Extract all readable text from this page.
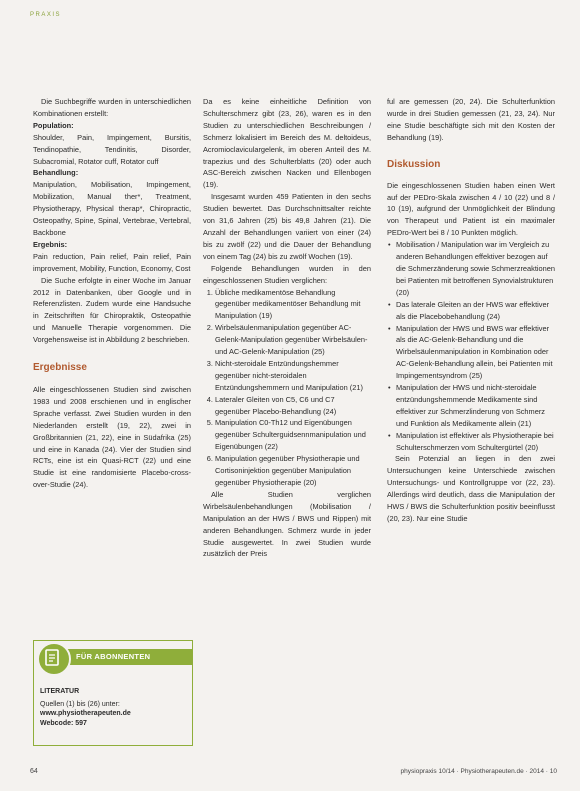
PRAXIS

Die Suchbegriffe wurden in unterschiedlichen Kombinationen erstellt:

Population:

Shoulder, Pain, Impingement, Bursitis, Tendinopathie, Tendinitis, Disorder, Subacromial, Rotator cuff, Rotator cuff

Behandlung:

Manipulation, Mobilisation, Impingement, Mobilization, Manual ther*, Treatment, Physiotherapy, Physical therap*, Chiropractic, Osteopathy, Spine, Spinal, Vertebrae, Vertebral, Backbone

Ergebnis:

Pain reduction, Pain relief, Pain relief, Pain improvement, Mobility, Function, Economy, Cost

Die Suche erfolgte in einer Woche im Januar 2012 in Datenbanken, über Google und in Referenzlisten. Zudem wurde eine Handsuche in Zeitschriften für Chiropraktik, Osteopathie und Manuelle Therapie vorgenommen. Die Vorgehensweise ist in Abbildung 2 beschrieben.

Ergebnisse

Alle eingeschlossenen Studien sind zwischen 1983 und 2008 erschienen und in englischer Sprache verfasst. Zwei Studien wurden in den Niederlanden erstellt (19, 22), zwei in Großbritannien (21, 22), eine in Südafrika (25) und eine in Kanada (24). Vier der Studien sind RCTs, eine ist ein Quasi-RCT (22) und eine Studie ist eine randomisierte Placebo-cross-over-Studie (24).

FÜR ABONNENTEN
LITERATUR
Quellen (1) bis (26) unter:
www.physiotherapeuten.de
Webcode: 597

Da es keine einheitliche Definition von Schulterschmerz gibt (23, 26), waren es in den Studien zu unterschiedlichen Beschreibungen / Schmerz lokalisiert im Bereich des M. deltoideus, Acromioclaviculargelenk, im oberen Anteil des M. trapezius und des Schulterblatts (20) oder auch ASC-Bereich zwischen Nacken und Ellenbogen (19).

Insgesamt wurden 459 Patienten in den sechs Studien bewertet. Das Durchschnittsalter reichte von 31,6 Jahren (25) bis 49,8 Jahren (21). Die Anzahl der Behandlungen variiert von einer (24) bis zu zwölf (22) und die Dauer der Behandlung von einem Tag (24) bis zu zwölf Wochen (19).

Folgende Behandlungen wurden in den eingeschlossenen Studien verglichen:

1. Übliche medikamentöse Behandlung gegenüber medikamentöser Behandlung mit Manipulation (19)
2. Wirbelsäulenmanipulation gegenüber AC-Gelenk-Manipulation gegenüber Wirbelsäulen- und AC-Gelenk-Manipulation (25)
3. Nicht-steroidale Entzündungshemmer gegenüber nicht-steroidalen Entzündungshemmern und Manipulation (21)
4. Lateraler Gleiten von C5, C6 und C7 gegenüber Placebo-Behandlung (24)
5. Manipulation C0-Th12 und Eigenübungen gegenüber Schulterguidsennmanipulation und Eigenübungen (22)
6. Manipulation gegenüber Physiotherapie und Cortisoninjektion gegenüber Manipulation gegenüber Physiotherapie (20)

Alle Studien verglichen Wirbelsäulenbehandlungen (Mobilisation / Manipulation an der HWS / BWS und Rippen) mit anderen Behandlungen. Schmerz wurde in jeder Studie ausgewertet. In zwei Studien wurde zusätzlich der Preis

ful are gemessen (20, 24). Die Schulterfunktion wurde in drei Studien gemessen (21, 23, 24). Nur eine Studie beschäftigte sich mit den Kosten der Behandlung (19).

Diskussion

Die eingeschlossenen Studien haben einen Wert auf der PEDro-Skala zwischen 4 / 10 (22) und 8 / 10 (19), aufgrund der Unmöglichkeit der Blindung von Therapeut und Patient ist ein maximaler PEDro-Wert bei 8 / 10 Punkten möglich.

• Mobilisation / Manipulation war im Vergleich zu anderen Behandlungen effektiver bezogen auf die Schmerzänderung sowie Schmerzreaktionen bei Patienten mit betroffenen Synovialstrukturen (20)
• Das laterale Gleiten an der HWS war effektiver als die Placebobehandlung (24)
• Manipulation der HWS und BWS war effektiver als die AC-Gelenk-Behandlung und die Wirbelsäulenmanipulation in Kombination oder AC-Gelenk-Behandlung allein, bei Patienten mit Impingementsyndrom (25)
• Manipulation der HWS und nicht-steroidale entzündungshemmende Medikamente sind effektiver zur Schmerzlinderung von Schmerz und Funktion als Medikamente allein (21)
• Manipulation ist effektiver als Physiotherapie bei Schulterschmerzen vom Schultergürtel (20)

Sein Potenzial an liegen in den zwei Untersuchungen keine Unterschiede zwischen Untersuchungs- und Kontrollgruppe vor (22, 23). Allerdings wird deutlich, dass die Manipulation der HWS / BWS die Schulterfunktion positiv beeinflusst (20, 23). Nur eine Studie

64	physiopraxis 10/14 · Physiotherapeuten.de · 2014 · 10
